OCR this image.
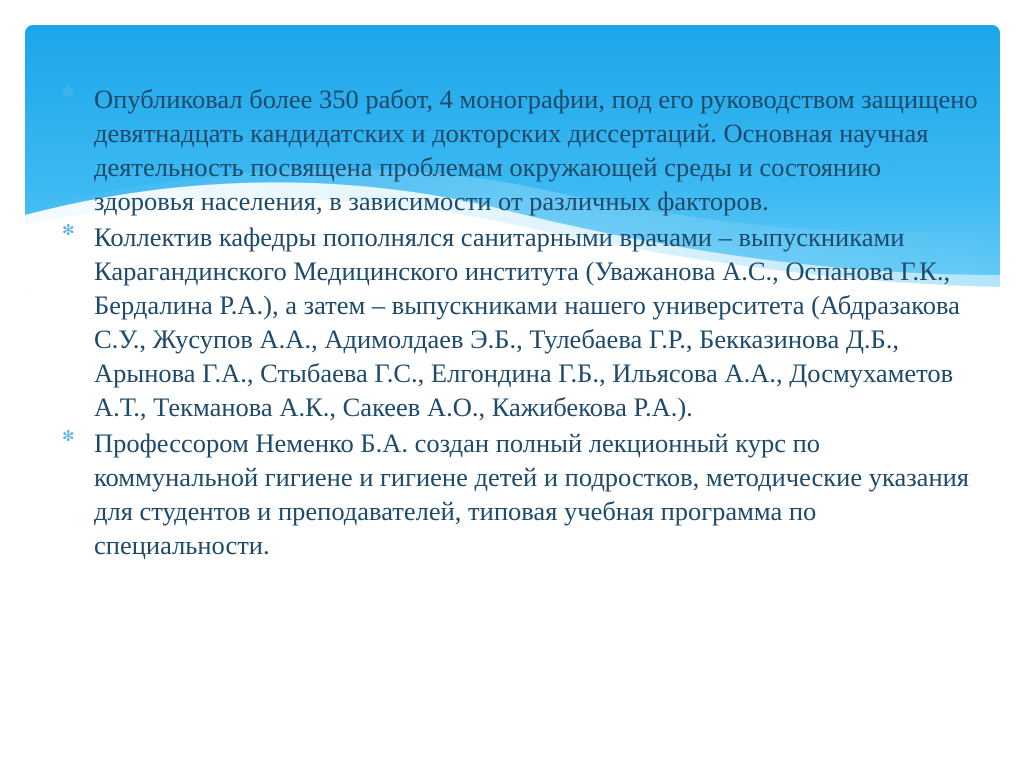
✻ Опубликовал более 350 работ, 4 монографии, под его руководством защищено девятнадцать кандидатских и докторских диссертаций. Основная научная деятельность посвящена проблемам окружающей среды и состоянию здоровья населения, в зависимости от различных факторов.
✻ Коллектив кафедры пополнялся санитарными врачами – выпускниками Карагандинского Медицинского института (Уважанова А.С., Оспанова Г.К., Бердалина Р.А.), а затем – выпускниками нашего университета (Абдразакова С.У., Жусупов А.А., Адимолдаев Э.Б., Тулебаева Г.Р., Бекказинова Д.Б., Арынова Г.А., Стыбаева Г.С., Елгондина Г.Б., Ильясова А.А., Досмухаметов А.Т., Текманова А.К., Сакеев А.О., Кажибекова Р.А.).
✻ Профессором Неменко Б.А. создан полный лекционный курс по коммунальной гигиене и гигиене детей и подростков, методические указания для студентов и преподавателей, типовая учебная программа по специальности.
